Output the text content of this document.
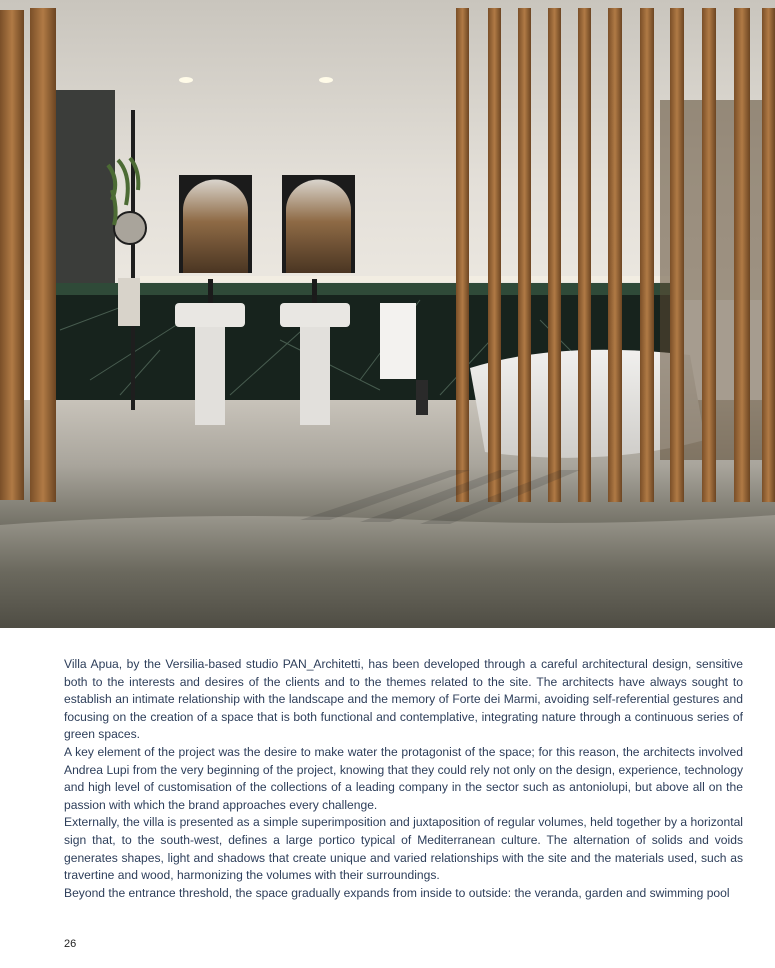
Villa Apua, by the Versilia-based studio PAN_Architetti, has been developed through a careful architectural design, sensitive both to the interests and desires of the clients and to the themes related to the site. The architects have always sought to establish an intimate relationship with the landscape and the memory of Forte dei Marmi, avoiding self-referential gestures and focusing on the creation of a space that is both functional and contemplative, integrating nature through a continuous series of green spaces.

A key element of the project was the desire to make water the protagonist of the space; for this reason, the architects involved Andrea Lupi from the very beginning of the project, knowing that they could rely not only on the design, experience, technology and high level of customisation of the collections of a leading company in the sector such as antoniolupi, but above all on the passion with which the brand approaches every challenge.

Externally, the villa is presented as a simple superimposition and juxtaposition of regular volumes, held together by a horizontal sign that, to the south-west, defines a large portico typical of Mediterranean culture. The alternation of solids and voids generates shapes, light and shadows that create unique and varied relationships with the site and the materials used, such as travertine and wood, harmonizing the volumes with their surroundings.

Beyond the entrance threshold, the space gradually expands from inside to outside: the veranda, garden and swimming pool

26
